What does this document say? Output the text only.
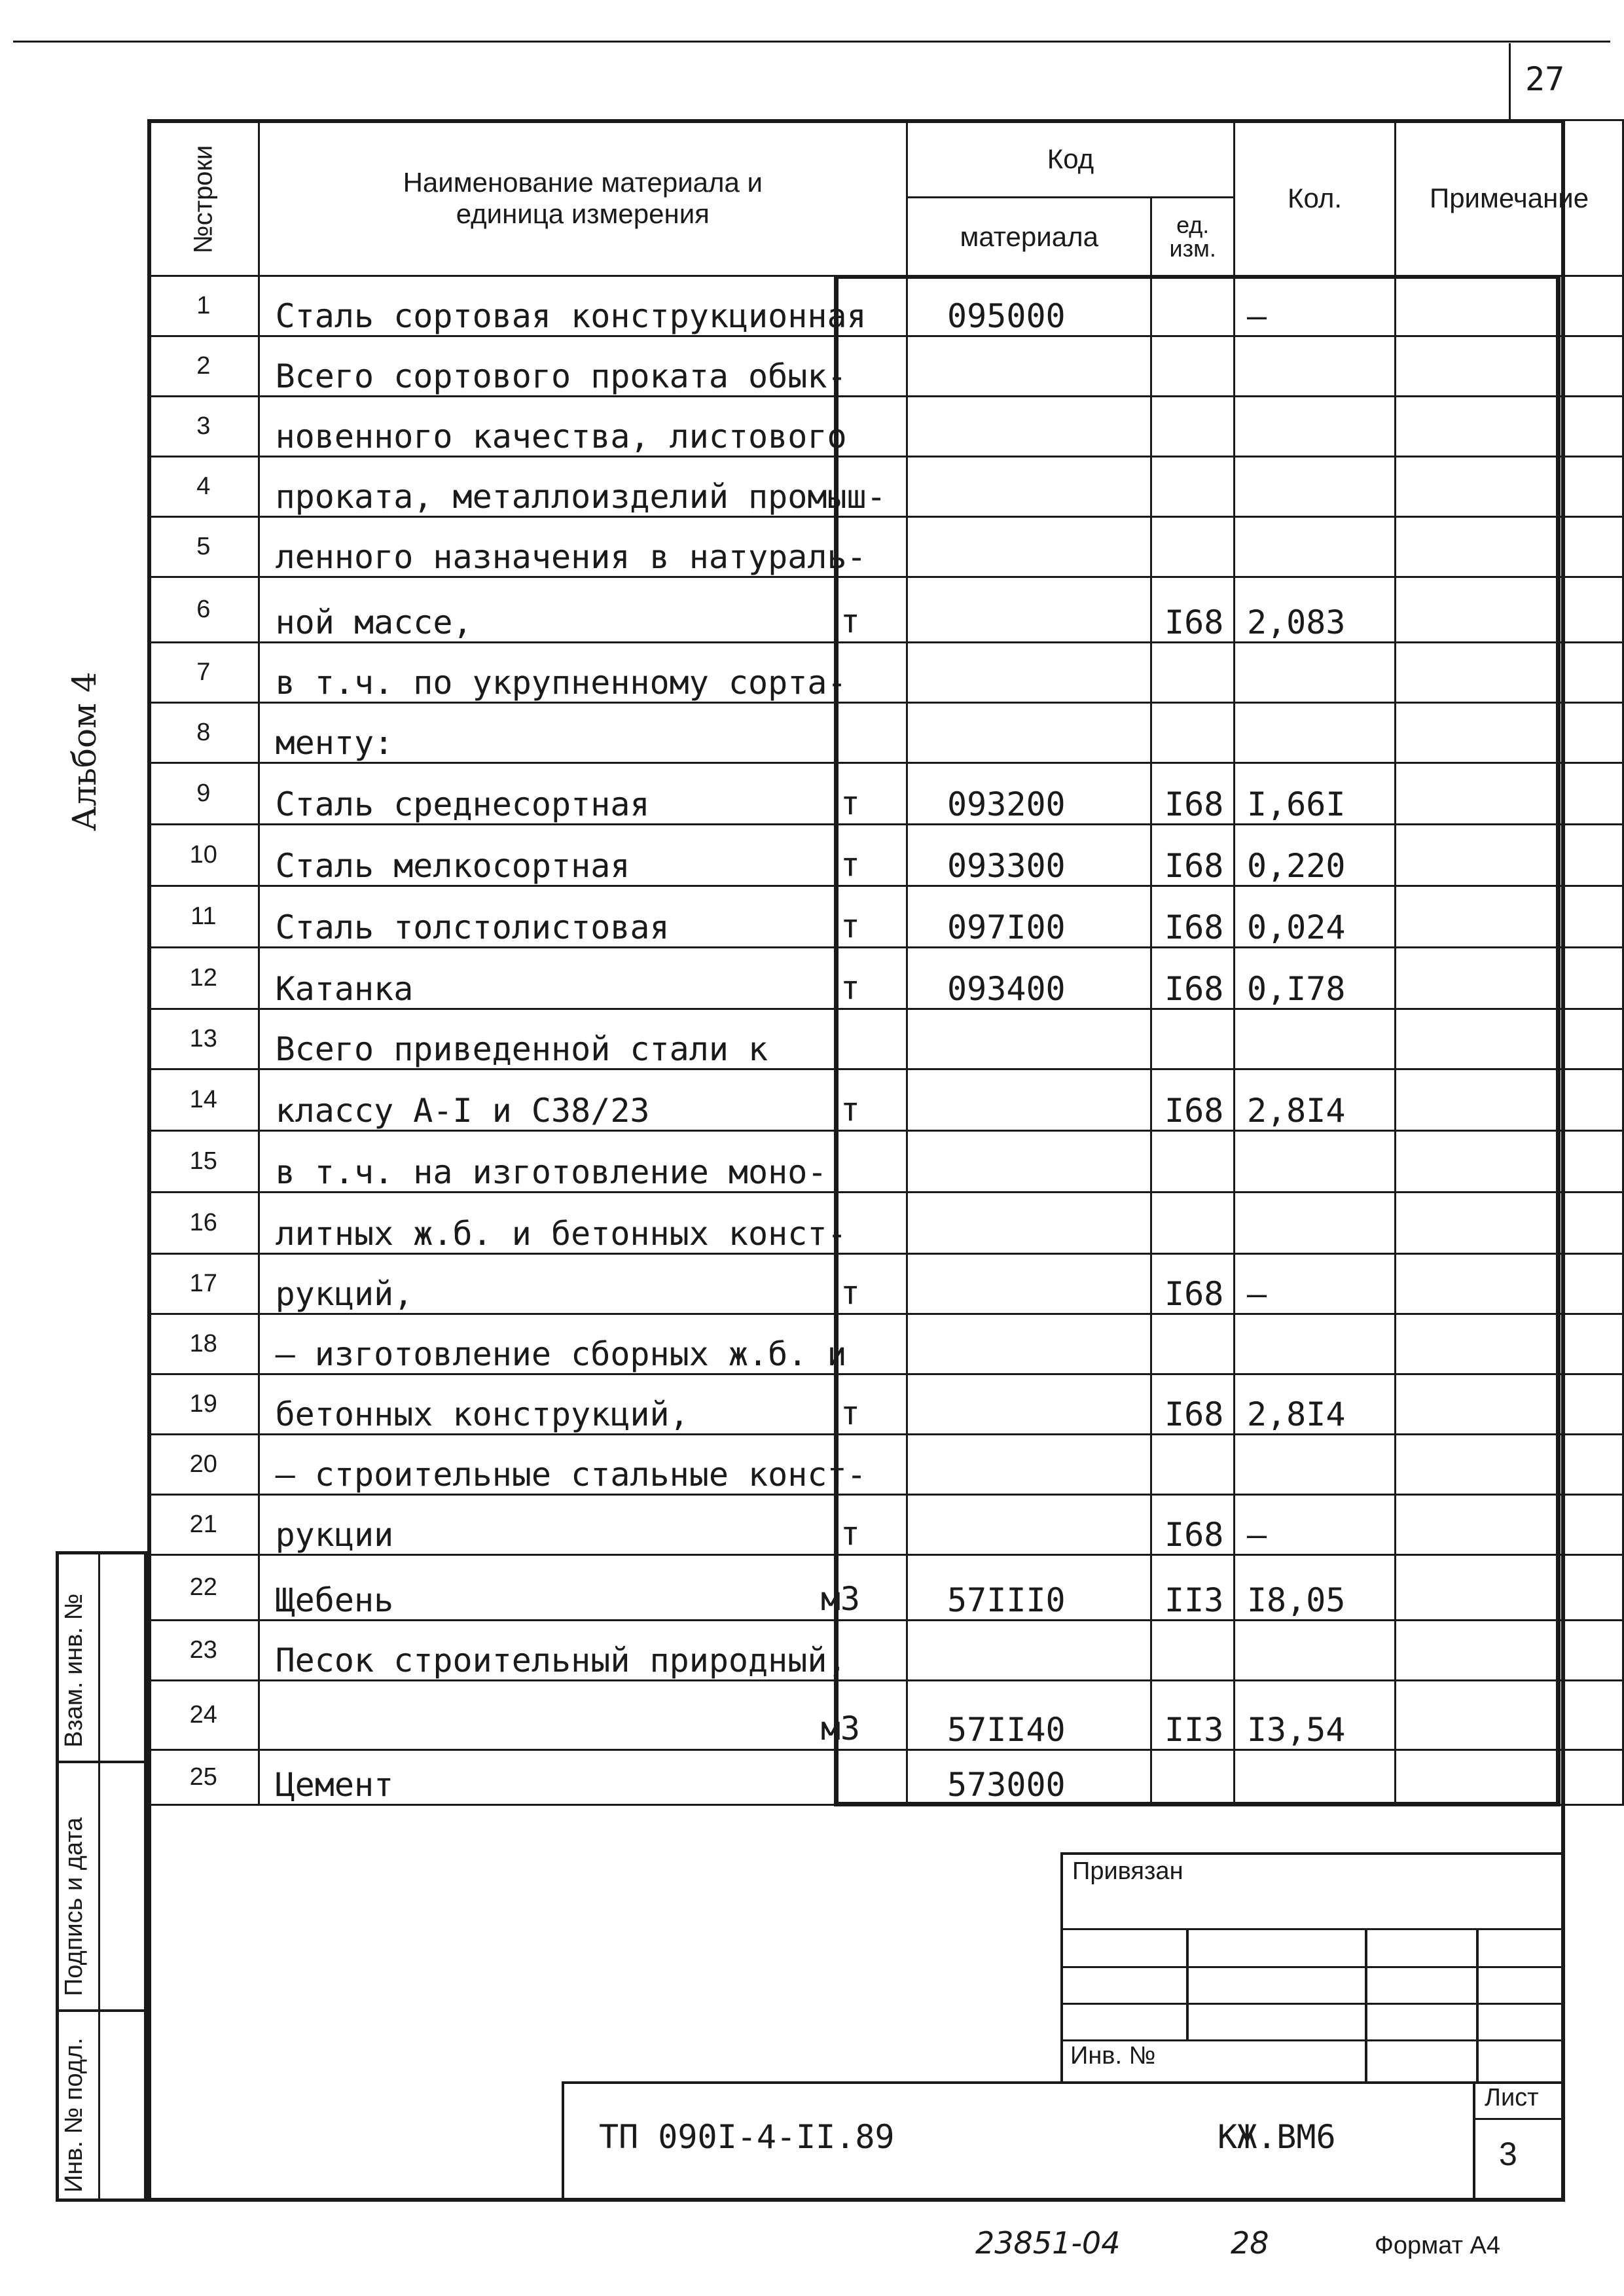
27
Альбом 4
№строки	Наименование материала и единица измерения	Код		Кол.	Примечание
		материала	ед. изм.		
1	Сталь сортовая конструкционная	095000		–	
2	Всего сортового проката обык-

3	новенного качества, листового

4	проката, металлоизделий промыш-

5	ленного назначения в натураль-

6	ной массе, т		I68	2,083	
7	в т.ч. по укрупненному сорта-

8	менту:

9	Сталь среднесортная т	093200	I68	I,66I	
10	Сталь мелкосортная т	093300	I68	0,220	
11	Сталь толстолистовая т	097I00	I68	0,024	
12	Катанка т	093400	I68	0,I78	
13	Всего приведенной стали к

14	классу А-I и С38/23 т		I68	2,8I4	
15	в т.ч. на изготовление моно-

16	литных ж.б. и бетонных конст-

17	рукций, т		I68	–	
18	– изготовление сборных ж.б. и

19	бетонных конструкций, т		I68	2,8I4	
20	– строительные стальные конст-

21	рукции т		I68	–	
22	Щебень м3	57III0	II3	I8,05	
23	Песок строительный природный,

24	м3	57II40	II3	I3,54	
25	Цемент	573000			
Взам. инв. №
Подпись и дата
Инв. № подл.
Привязан
Инв. №
ТП 090I-4-II.89	КЖ.ВМ6
Лист
3
23851-04	28	Формат А4
